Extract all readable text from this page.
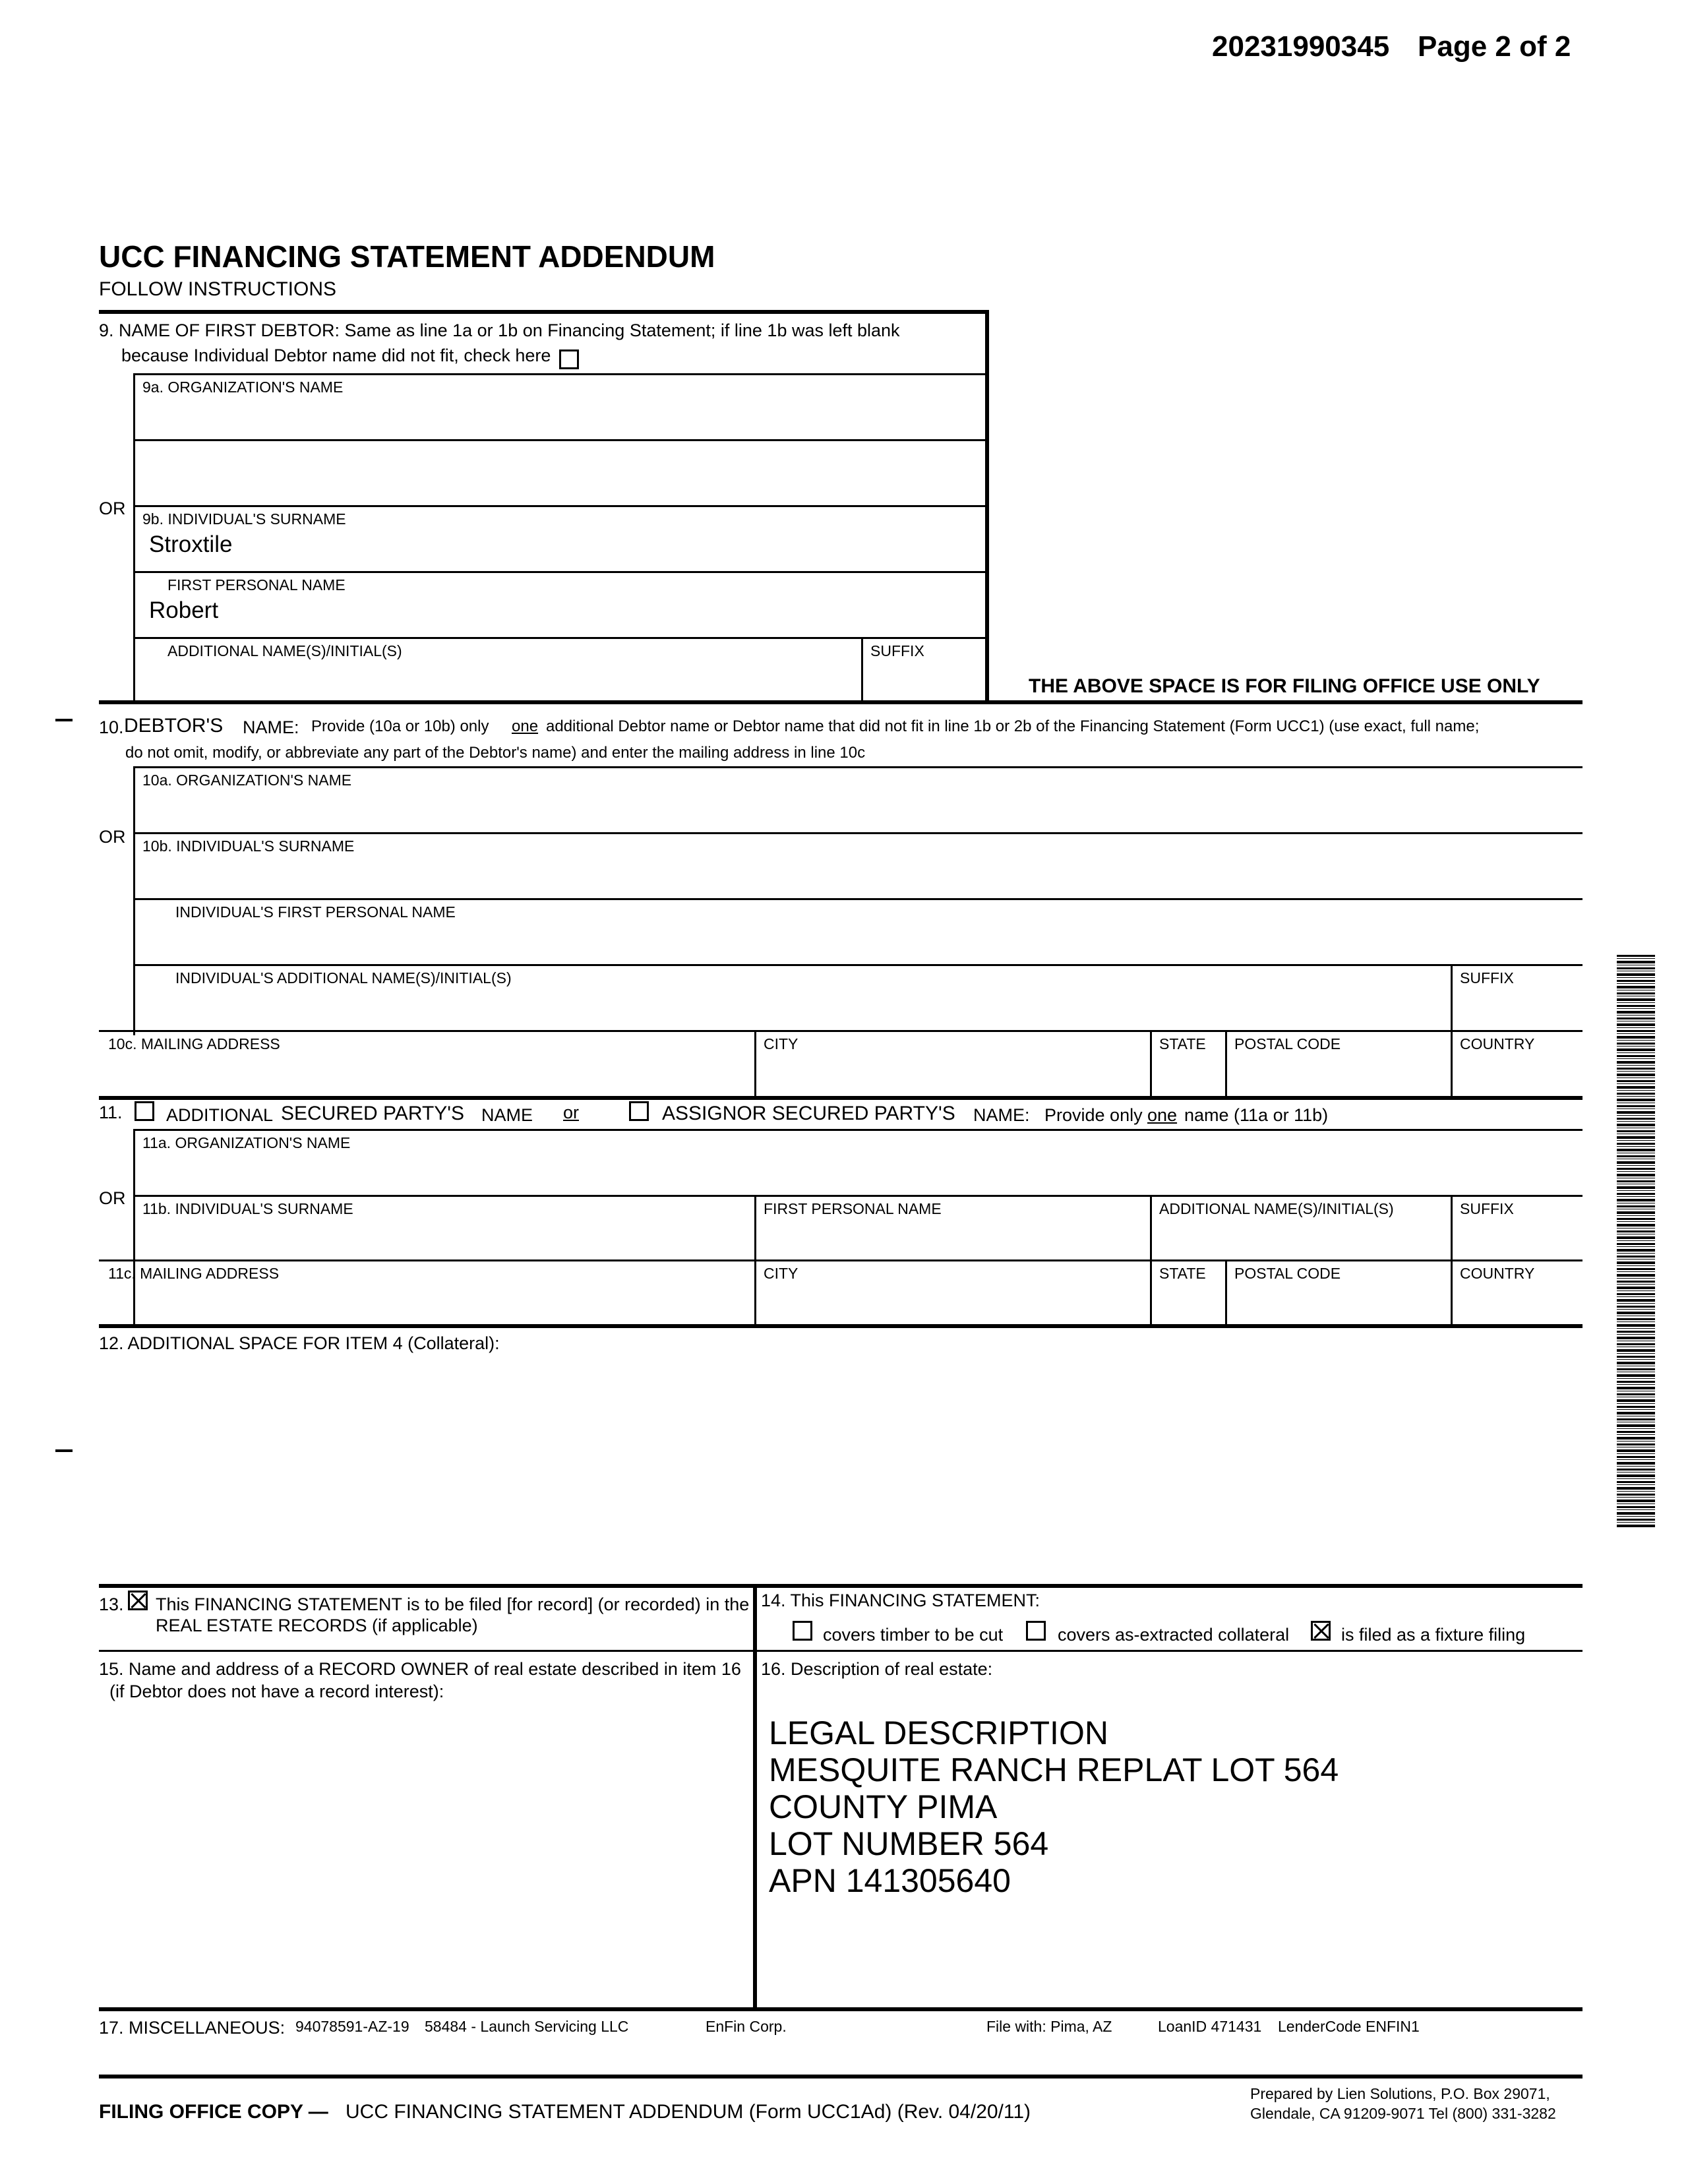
20231990345 Page 2 of 2
UCC FINANCING STATEMENT ADDENDUM
FOLLOW INSTRUCTIONS
9. NAME OF FIRST DEBTOR: Same as line 1a or 1b on Financing Statement; if line 1b was left blank
because Individual Debtor name did not fit, check here
9a. ORGANIZATION'S NAME
OR
9b. INDIVIDUAL'S SURNAME
Stroxtile
FIRST PERSONAL NAME
Robert
ADDITIONAL NAME(S)/INITIAL(S)	SUFFIX
THE ABOVE SPACE IS FOR FILING OFFICE USE ONLY
10. DEBTOR'S NAME: Provide (10a or 10b) only one additional Debtor name or Debtor name that did not fit in line 1b or 2b of the Financing Statement (Form UCC1) (use exact, full name;
do not omit, modify, or abbreviate any part of the Debtor's name) and enter the mailing address in line 10c
10a. ORGANIZATION'S NAME
OR 10b. INDIVIDUAL'S SURNAME
INDIVIDUAL'S FIRST PERSONAL NAME
INDIVIDUAL'S ADDITIONAL NAME(S)/INITIAL(S)	SUFFIX
10c. MAILING ADDRESS	CITY	STATE POSTAL CODE	COUNTRY
11. ADDITIONAL SECURED PARTY'S NAME or	ASSIGNOR SECURED PARTY'S NAME: Provide only one name (11a or 11b)
11a. ORGANIZATION'S NAME
OR
11b. INDIVIDUAL'S SURNAME	FIRST PERSONAL NAME	ADDITIONAL NAME(S)/INITIAL(S)	SUFFIX
11c. MAILING ADDRESS	CITY	STATE POSTAL CODE	COUNTRY
12. ADDITIONAL SPACE FOR ITEM 4 (Collateral):
13. This FINANCING STATEMENT is to be filed [for record] (or recorded) in the
REAL ESTATE RECORDS (if applicable)
14. This FINANCING STATEMENT:
covers timber to be cut	covers as-extracted collateral	is filed as a fixture filing
15. Name and address of a RECORD OWNER of real estate described in item 16
(if Debtor does not have a record interest):
16. Description of real estate:
LEGAL DESCRIPTION
MESQUITE RANCH REPLAT LOT 564
COUNTY PIMA
LOT NUMBER 564
APN 141305640
17. MISCELLANEOUS: 94078591-AZ-19 58484 - Launch Servicing LLC	EnFin Corp.	File with: Pima, AZ	LoanID 471431 LenderCode ENFIN1
FILING OFFICE COPY — UCC FINANCING STATEMENT ADDENDUM (Form UCC1Ad) (Rev. 04/20/11)
Prepared by Lien Solutions, P.O. Box 29071,
Glendale, CA 91209-9071 Tel (800) 331-3282
